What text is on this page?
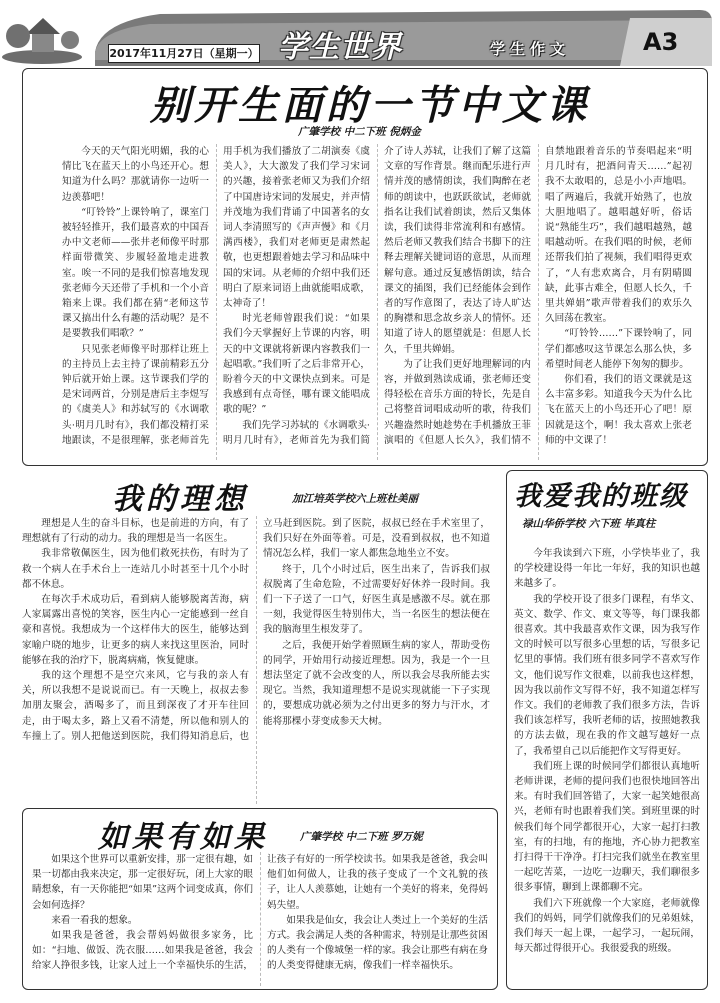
2017年11月27日（星期一） 学生世界	学生作文	A3
别开生面的一节中文课
广肇学校 中二下班 倪炳金

今天的天气阳光明媚，我的心情比飞在蓝天上的小鸟还开心。想知道为什么吗？那就请你一边听一边羡慕吧！

“叮铃铃”上课铃响了，课室门被轻轻推开，我们最喜欢的中国吾办中文老师——张井老师像平时那样面带微笑、步履轻盈地走进教室。唉一不同的是我们惊喜地发现张老师今天还带了手机和一个小音箱来上课。我们都在猜“老师这节课又搞出什么有趣的活动呢？是不是要教我们唱歌？”

只见张老师像平时那样让班上的主持员上去主持了课前精彩五分钟后就开始上课。这节课我们学的是宋词两首，分别是唐后主李煜写的《虞美人》和苏轼写的《水调歌头·明月几时有》，我们都没精打采地跟读，不是很理解，张老师首先用手机为我们播放了二胡演奏《虞美人》，大大激发了我们学习宋词的兴趣，接着张老师又为我们介绍了中国唐诗宋词的发展史，并声情并茂地为我们背诵了中国著名的女词人李清照写的《声声慢》和《月满西楼》，我们对老师更是肃然起敬，也更想跟着她去学习和品味中国的宋词。从老师的介绍中我们还明白了原来词语上曲就能唱成歌，太神奇了！

时光老师曾跟我们说：“如果我们今天掌握好上节课的内容，明天的中文课就将新课内容教我们一起唱歌。”我们听了之后非常开心，盼着今天的中文课快点到来。可是我感到有点奇怪，哪有课文能唱成歌的呢？”

我们先学习苏轼的《水调歌头·明月几时有》，老师首先为我们简介了诗人苏轼，让我们了解了这篇文章的写作背景。继而配乐进行声情并茂的感情朗读，我们陶醉在老师的朗读中，也跃跃欲试，老师就指名让我们试着朗读，然后又集体读，我们读得非常流利和有感情。然后老师又教我们结合书脚下的注释去理解关键词语的意思，从而理解句意。通过反复感悟朗读，结合课文的插图，我们已经能体会到作者的写作意图了，表达了诗人旷达的胸襟和思念故乡亲人的情怀。还知道了诗人的愿望就是：但愿人长久，千里共婵娟。

为了让我们更好地理解词的内容，并做到熟读成诵，张老师还变得轻松在音乐方面的特长，先是自己将整首词唱成动听的歌，待我们兴趣盎然时她趁势在手机播放王菲演唱的《但愿人长久》，我们情不自禁地跟着音乐的节奏唱起来“明月几时有，把酒问青天……”起初我不太敢唱的，总是小小声地唱。唱了两遍后，我就开始熟了，也放大胆地唱了。越唱越好听，俗话说“熟能生巧”，我们越唱越熟，越唱越动听。在我们唱的时候，老师还帮我们拍了视频，我们唱得更欢了，“人有悲欢离合，月有阴晴圆缺，此事古难全，但愿人长久，千里共婵娟”歌声带着我们的欢乐久久回荡在教室。

“叮铃铃……”下课铃响了，同学们都感叹这节课怎么那么快，多希望时间老人能停下匆匆的脚步。

你们看，我们的语文课就是这么丰富多彩。知道我今天为什么比飞在蓝天上的小鸟还开心了吧！原因就是这个，啊！我太喜欢上张老师的中文课了！

我的理想	加江培英学校六上班杜美丽

理想是人生的奋斗目标，也是前进的方向，有了理想就有了行动的动力。我的理想是当一名医生。

我非常敬佩医生，因为他们救死扶伤，有时为了救一个病人在手术台上一连站几小时甚至十几个小时都不休息。

在每次手术成功后，看到病人能够脱离苦海，病人家属露出喜悦的笑容，医生内心一定能感到一丝自豪和喜悦。我想成为一个这样伟大的医生，能够达到家喻户晓的地步，让更多的病人来找这里医治，同时能够在我的治疗下，脱离病痛，恢复健康。

我的这个理想不是空穴来风，它与我的亲人有关，所以我想不是说说而已。有一天晚上，叔叔去参加朋友聚会，酒喝多了，而且到深夜了才开车往回走，由于喝太多，路上又看不清楚，所以他和别人的车撞上了。别人把他送到医院，我们得知消息后，也立马赶到医院。到了医院，叔叔已经在手术室里了，我们只好在外面等着。可是，没看到叔叔，也不知道情况怎么样，我们一家人都焦急地坐立不安。

终于，几个小时过后，医生出来了，告诉我们叔叔脱离了生命危险，不过需要好好休养一段时间。我们一下子送了一口气，好医生真是感激不尽。就在那一刻，我觉得医生特别伟大，当一名医生的想法便在我的脑海里生根发芽了。

之后，我便开始学着照顾生病的家人，帮助受伤的同学，开始用行动接近理想。因为，我是一个一旦想法坚定了就不会改变的人，所以我会尽我所能去实现它。当然，我知道理想不是说实现就能一下子实现的，要想成功就必须为之付出更多的努力与汗水，才能将那棵小芽变成参天大树。

我爱我的班级
禄山华侨学校 六下班 毕真柱

今年我读到六下班，小学快毕业了，我的学校建设得一年比一年好，我的知识也越来越多了。

我的学校开设了很多门课程，有华文、英文、数学、作文、東文等等，每门课我都很喜欢。其中我最喜欢作文课，因为我写作文的时候可以写很多心里想的话，写很多记忆里的事情。我们班有很多同学不喜欢写作文，他们说写作文很难，以前我也这样想，因为我以前作文写得不好，我不知道怎样写作文。我们的老师教了我们很多方法，告诉我们该怎样写，我听老师的话，按照她教我的方法去做，现在我的作文越写越好一点了，我希望自己以后能把作文写得更好。

我们班上课的时候同学们都很认真地听老师讲课，老师的提问我们也很快地回答出来。有时我们回答错了，大家一起笑她很高兴，老师有时也跟着我们笑。到班里课的时候我们每个同学都很开心，大家一起打扫教室，有的扫地，有的拖地，齐心协力把教室打扫得干干净净。打扫完我们就坐在教室里一起吃苦菜，一边吃一边聊天，我们聊很多很多事情，聊到上课都聊不完。

我们六下班就像一个大家庭，老师就像我们的妈妈，同学们就像我们的兄弟姐妹，我们每天一起上课，一起学习，一起玩闹，每天都过得很开心。我很爱我的班级。

如果有如果	广肇学校 中二下班 罗万妮

如果这个世界可以重新安排，那一定很有趣，如果一切都由我来决定，那一定很好玩，闭上大家的眼睛想象，有一天你能把“如果”这两个词变成真，你们会如何选择？

来看一看我的想象。

如果我是爸爸，我会帮妈妈做很多家务，比如：“扫地、做饭、洗衣服……如果我是爸爸，我会给家人挣很多钱，让家人过上一个幸福快乐的生活，让孩子有好的一所学校读书。如果我是爸爸，我会叫他们如何做人，让我的孩子变成了一个文礼貌的孩子，让人人羡慕她，让她有一个美好的将来，免得妈妈失望。

如果我是仙女，我会让人类过上一个美好的生活方式。我会满足人类的各种需求，特别是让那些贫困的人类有一个像城堡一样的家。我会让那些有病在身的人类变得健康无病，像我们一样幸福快乐。
